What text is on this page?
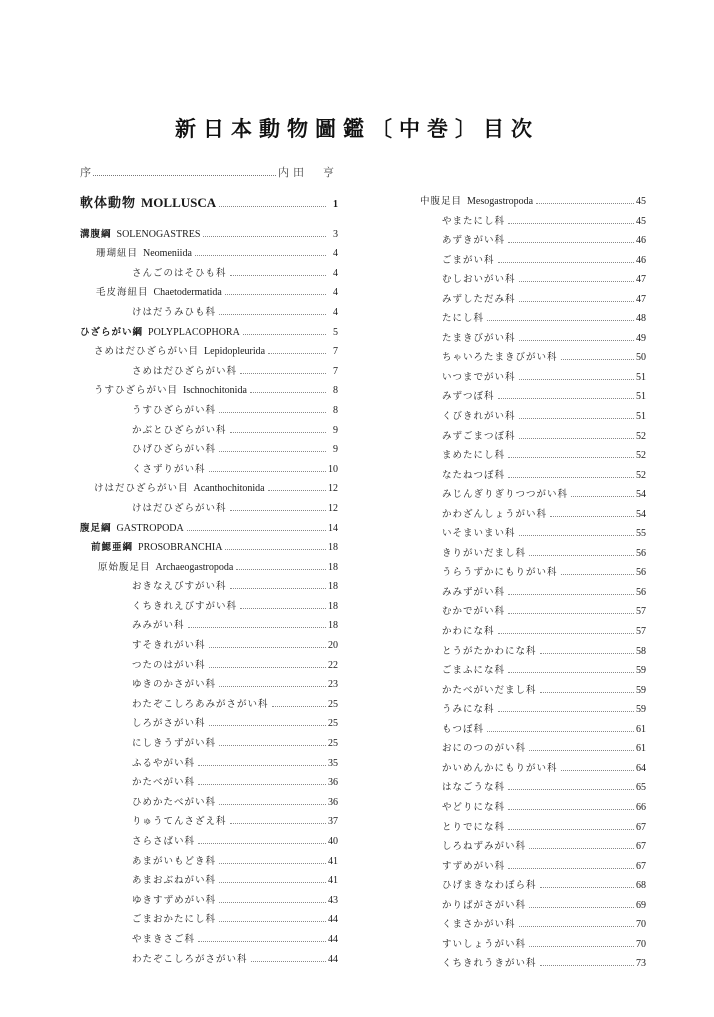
新日本動物圖鑑〔中巻〕目次
序	内田　亨
軟体動物 MOLLUSCA	1
溝腹綱 SOLENOGASTRES	3
珊瑚紐目 Neomeniida	4
さんごのはそひも科	4
毛皮海紐目 Chaetodermatida	4
けはだうみひも科	4
ひざらがい綱 POLYPLACOPHORA	5
さめはだひざらがい目 Lepidopleurida	7
さめはだひざらがい科	7
うすひざらがい目 Ischnochitonida	8
うすひざらがい科	8
かぶとひざらがい科	9
ひげひざらがい科	9
くさずりがい科	10
けはだひざらがい目 Acanthochitonida	12
けはだひざらがい科	12
腹足綱 GASTROPODA	14
前鰓亜綱 PROSOBRANCHIA	18
原始腹足目 Archaeogastropoda	18
おきなえびすがい科	18
くちきれえびすがい科	18
みみがい科	18
すそきれがい科	20
つたのはがい科	22
ゆきのかさがい科	23
わたぞこしろあみがさがい科	25
しろがさがい科	25
にしきうずがい科	25
ふるやがい科	35
かたべがい科	36
ひめかたべがい科	36
りゅうてんさざえ科	37
さらさばい科	40
あまがいもどき科	41
あまおぶねがい科	41
ゆきすずめがい科	43
ごまおかたにし科	44
やまきさご科	44
わたぞこしろがさがい科	44
中腹足目 Mesogastropoda	45
やまたにし科	45
あずきがい科	46
ごまがい科	46
むしおいがい科	47
みずしただみ科	47
たにし科	48
たまきびがい科	49
ちゃいろたまきびがい科	50
いつまでがい科	51
みずつぼ科	51
くびきれがい科	51
みずごまつぼ科	52
まめたにし科	52
なたねつぼ科	52
みじんぎりぎりつつがい科	54
かわざんしょうがい科	54
いそまいまい科	55
きりがいだまし科	56
うらうずかにもりがい科	56
みみずがい科	56
むかでがい科	57
かわにな科	57
とうがたかわにな科	58
ごまふにな科	59
かたべがいだまし科	59
うみにな科	59
もつぼ科	61
おにのつのがい科	61
かいめんかにもりがい科	64
はなごうな科	65
やどりにな科	66
とりでにな科	67
しろねずみがい科	67
すずめがい科	67
ひげまきなわぼら科	68
かりばがさがい科	69
くまさかがい科	70
すいしょうがい科	70
くちきれうきがい科	73
